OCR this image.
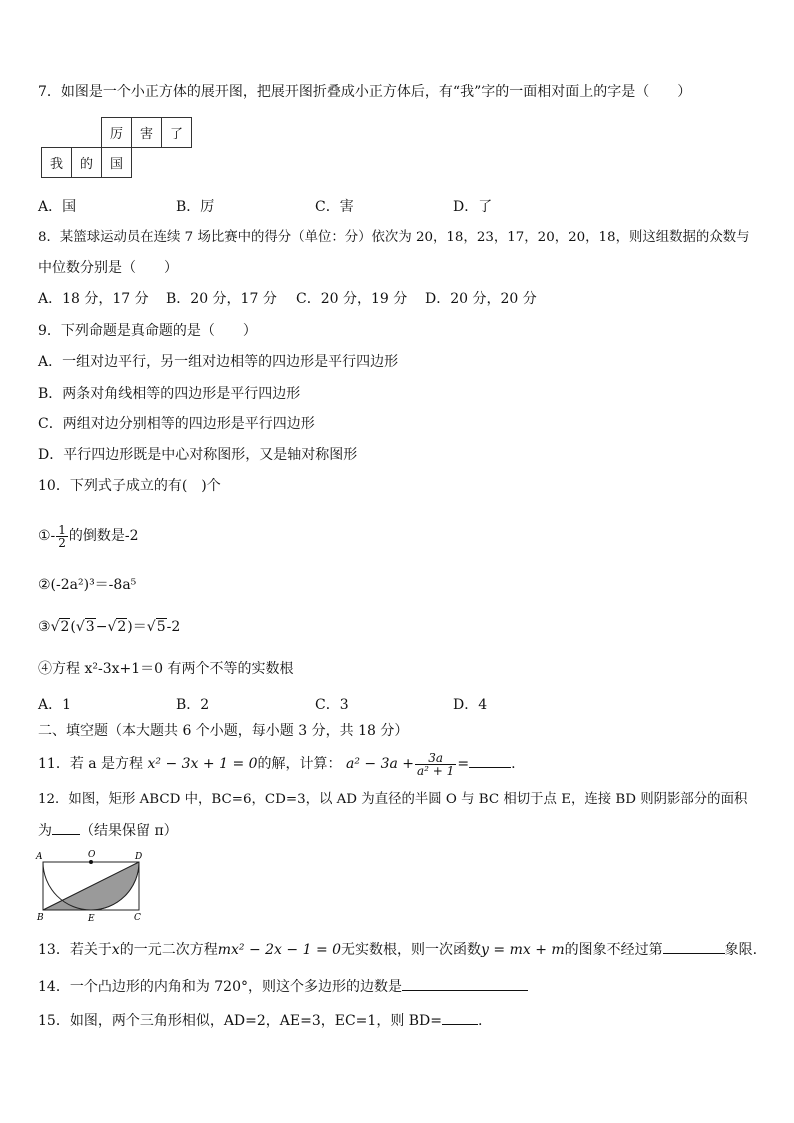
7．如图是一个小正方体的展开图，把展开图折叠成小正方体后，有“我”字的一面相对面上的字是（　　）
		厉	害	了
我	的	国		
A．国	B．厉	C．害	D．了
8．某篮球运动员在连续 7 场比赛中的得分（单位：分）依次为 20，18，23，17，20，20，18，则这组数据的众数与
中位数分别是（　　）
A．18 分，17 分 B．20 分，17 分 C．20 分，19 分 D．20 分，20 分
9．下列命题是真命题的是（　　）
A．一组对边平行，另一组对边相等的四边形是平行四边形
B．两条对角线相等的四边形是平行四边形
C．两组对边分别相等的四边形是平行四边形
D．平行四边形既是中心对称图形，又是轴对称图形
10．下列式子成立的有(　)个
①- $\frac{1}{2}$ 的倒数是-2
②(-2a²)³＝-8a⁵
③√2(√3−√2)＝√5-2
④方程 x²-3x+1＝0 有两个不等的实数根
A．1	B．2	C．3	D．4
二、填空题（本大题共 6 个小题，每小题 3 分，共 18 分）
11．若 a 是方程 x² − 3x + 1 = 0的解，计算： $a^2 - 3a + \frac{3a}{\text{a² + 1}}$ =	.
12．如图，矩形 ABCD 中，BC=6，CD=3，以 AD 为直径的半圆 O 与 BC 相切于点 E，连接 BD 则阴影部分的面积
为 （结果保留 π）
A	O	D
B	E	C
13．若关于x的一元二次方程mx² − 2x − 1 = 0无实数根，则一次函数y = mx + m的图象不经过第	象限.
14．一个凸边形的内角和为 720°，则这个多边形的边数是
15．如图，两个三角形相似，AD=2，AE=3，EC=1，则 BD=	.
